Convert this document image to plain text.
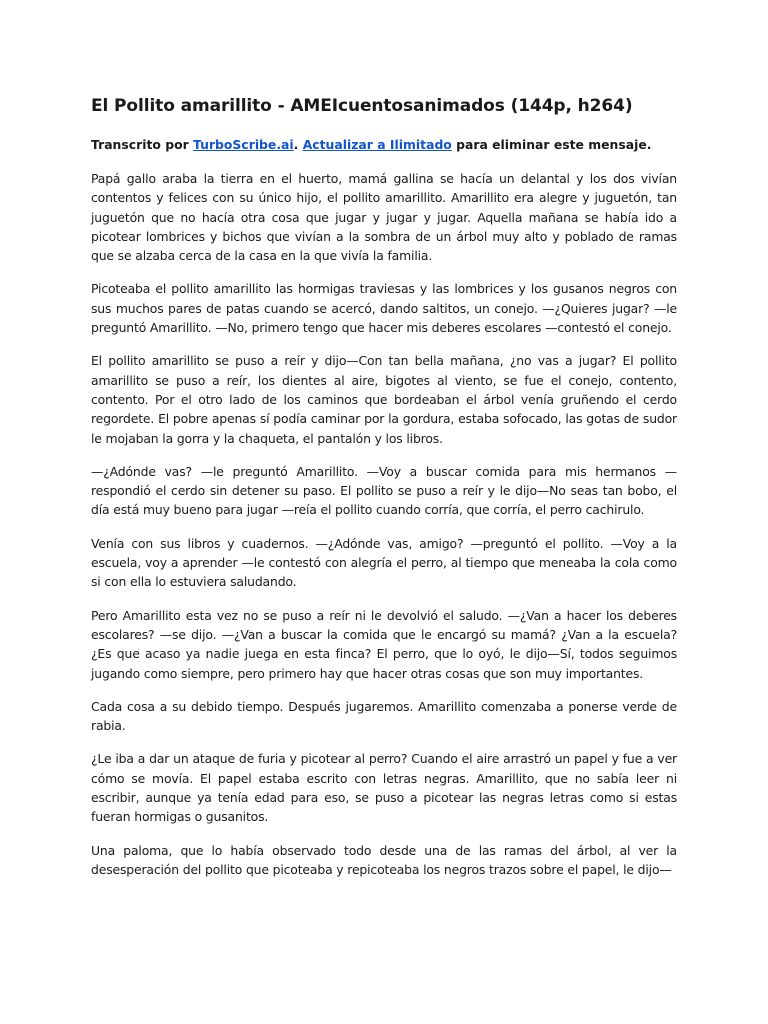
El Pollito amarillito - AMEIcuentosanimados (144p, h264)

Transcrito por TurboScribe.ai. Actualizar a Ilimitado para eliminar este mensaje.

Papá gallo araba la tierra en el huerto, mamá gallina se hacía un delantal y los dos vivían contentos y felices con su único hijo, el pollito amarillito. Amarillito era alegre y juguetón, tan juguetón que no hacía otra cosa que jugar y jugar y jugar. Aquella mañana se había ido a picotear lombrices y bichos que vivían a la sombra de un árbol muy alto y poblado de ramas que se alzaba cerca de la casa en la que vivía la familia.

Picoteaba el pollito amarillito las hormigas traviesas y las lombrices y los gusanos negros con sus muchos pares de patas cuando se acercó, dando saltitos, un conejo. —¿Quieres jugar? —le preguntó Amarillito. —No, primero tengo que hacer mis deberes escolares —contestó el conejo.

El pollito amarillito se puso a reír y dijo—Con tan bella mañana, ¿no vas a jugar? El pollito amarillito se puso a reír, los dientes al aire, bigotes al viento, se fue el conejo, contento, contento. Por el otro lado de los caminos que bordeaban el árbol venía gruñendo el cerdo regordete. El pobre apenas sí podía caminar por la gordura, estaba sofocado, las gotas de sudor le mojaban la gorra y la chaqueta, el pantalón y los libros.

—¿Adónde vas? —le preguntó Amarillito. —Voy a buscar comida para mis hermanos — respondió el cerdo sin detener su paso. El pollito se puso a reír y le dijo—No seas tan bobo, el día está muy bueno para jugar —reía el pollito cuando corría, que corría, el perro cachirulo.

Venía con sus libros y cuadernos. —¿Adónde vas, amigo? —preguntó el pollito. —Voy a la escuela, voy a aprender —le contestó con alegría el perro, al tiempo que meneaba la cola como si con ella lo estuviera saludando.

Pero Amarillito esta vez no se puso a reír ni le devolvió el saludo. —¿Van a hacer los deberes escolares? —se dijo. —¿Van a buscar la comida que le encargó su mamá? ¿Van a la escuela? ¿Es que acaso ya nadie juega en esta finca? El perro, que lo oyó, le dijo—Sí, todos seguimos jugando como siempre, pero primero hay que hacer otras cosas que son muy importantes.

Cada cosa a su debido tiempo. Después jugaremos. Amarillito comenzaba a ponerse verde de rabia.

¿Le iba a dar un ataque de furia y picotear al perro? Cuando el aire arrastró un papel y fue a ver cómo se movía. El papel estaba escrito con letras negras. Amarillito, que no sabía leer ni escribir, aunque ya tenía edad para eso, se puso a picotear las negras letras como si estas fueran hormigas o gusanitos.

Una paloma, que lo había observado todo desde una de las ramas del árbol, al ver la desesperación del pollito que picoteaba y repicoteaba los negros trazos sobre el papel, le dijo—
